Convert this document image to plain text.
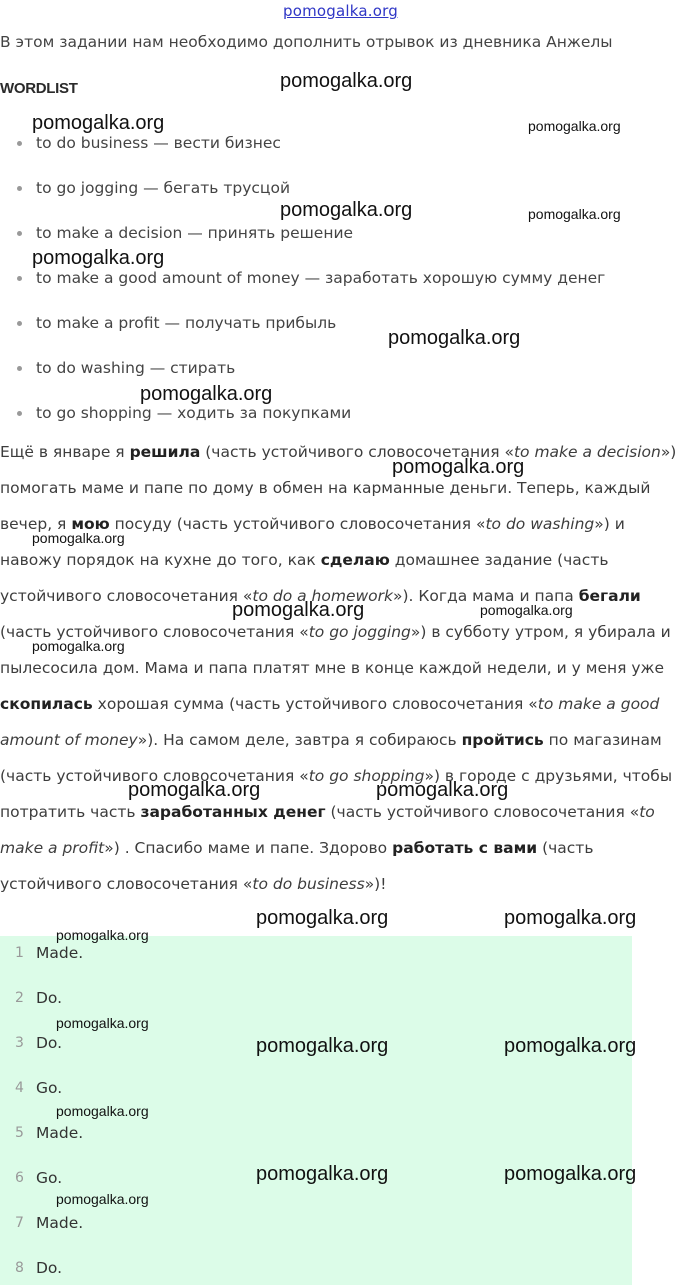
pomogalka.org
В этом задании нам необходимо дополнить отрывок из дневника Анжелы
WORDLIST
to do business — вести бизнес
to go jogging — бегать трусцой
to make a decision — принять решение
to make a good amount of money — заработать хорошую сумму денег
to make a profit — получать прибыль
to do washing — стирать
to go shopping — ходить за покупками
Ещё в январе я решила (часть устойчивого словосочетания «to make a decision») помогать маме и папе по дому в обмен на карманные деньги. Теперь, каждый вечер, я мою посуду (часть устойчивого словосочетания «to do washing») и навожу порядок на кухне до того, как сделаю домашнее задание (часть устойчивого словосочетания «to do a homework»). Когда мама и папа бегали (часть устойчивого словосочетания «to go jogging») в субботу утром, я убирала и пылесосила дом. Мама и папа платят мне в конце каждой недели, и у меня уже скопилась хорошая сумма (часть устойчивого словосочетания «to make a good amount of money»). На самом деле, завтра я собираюсь пройтись по магазинам (часть устойчивого словосочетания «to go shopping») в городе с друзьями, чтобы потратить часть заработанных денег (часть устойчивого словосочетания «to make a profit») . Спасибо маме и папе. Здорово работать с вами (часть устойчивого словосочетания «to do business»)!
1 Made.
2 Do.
3 Do.
4 Go.
5 Made.
6 Go.
7 Made.
8 Do.
pomogalka.org
pomogalka.org	pomogalka.org
pomogalka.org	pomogalka.org
pomogalka.org
pomogalka.org
pomogalka.org
pomogalka.org
pomogalka.org
pomogalka.org	pomogalka.org
pomogalka.org
pomogalka.org	pomogalka.org
pomogalka.org	pomogalka.org
pomogalka.org
pomogalka.org
pomogalka.org	pomogalka.org
pomogalka.org
pomogalka.org	pomogalka.org
pomogalka.org
